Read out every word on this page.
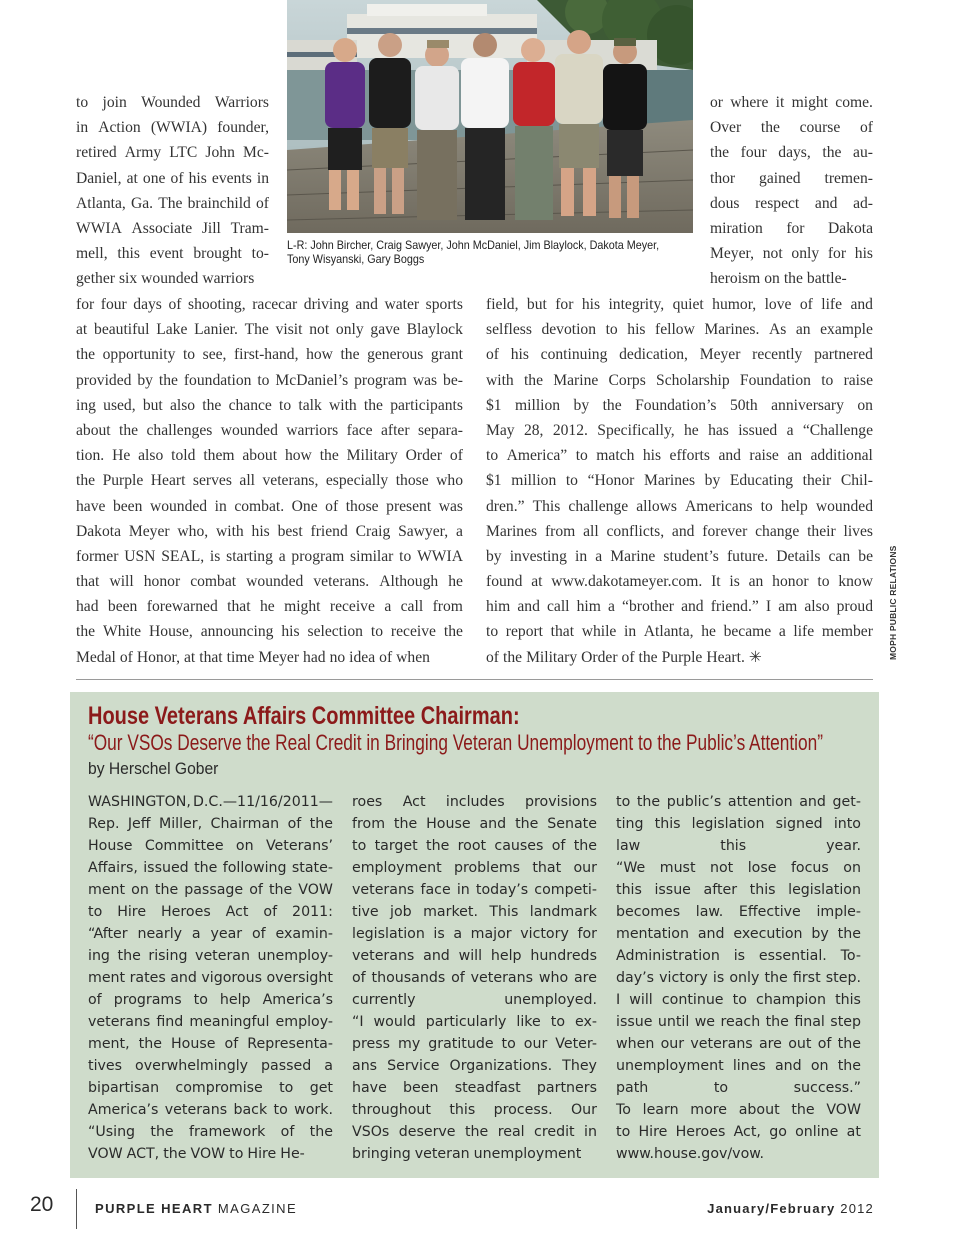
L-R: John Bircher, Craig Sawyer, John McDaniel, Jim Blaylock, Dakota Meyer, Tony Wisyanski, Gary Boggs
to join Wounded Warriors
in Action (WWIA) founder,
retired Army LTC John Mc-
Daniel, at one of his events in
Atlanta, Ga. The brainchild of
WWIA Associate Jill Tram-
mell, this event brought to-
gether six wounded warriors
or where it might come.
Over the course of
the four days, the au-
thor gained tremen-
dous respect and ad-
miration for Dakota
Meyer, not only for his
heroism on the battle-
for four days of shooting, racecar driving and water sports
at beautiful Lake Lanier. The visit not only gave Blaylock
the opportunity to see, first-hand, how the generous grant
provided by the foundation to McDaniel’s program was be-
ing used, but also the chance to talk with the participants
about the challenges wounded warriors face after separa-
tion. He also told them about how the Military Order of
the Purple Heart serves all veterans, especially those who
have been wounded in combat. One of those present was
Dakota Meyer who, with his best friend Craig Sawyer, a
former USN SEAL, is starting a program similar to WWIA
that will honor combat wounded veterans. Although he
had been forewarned that he might receive a call from
the White House, announcing his selection to receive the
Medal of Honor, at that time Meyer had no idea of when
field, but for his integrity, quiet humor, love of life and
selfless devotion to his fellow Marines. As an example
of his continuing dedication, Meyer recently partnered
with the Marine Corps Scholarship Foundation to raise
$1 million by the Foundation’s 50th anniversary on
May 28, 2012. Specifically, he has issued a “Challenge
to America” to match his efforts and raise an additional
$1 million to “Honor Marines by Educating their Chil-
dren.” This challenge allows Americans to help wounded
Marines from all conflicts, and forever change their lives
by investing in a Marine student’s future. Details can be
found at www.dakotameyer.com. It is an honor to know
him and call him a “brother and friend.” I am also proud
to report that while in Atlanta, he became a life member
of the Military Order of the Purple Heart. ✳	MOPH PUBLIC RELATIONS
House Veterans Affairs Committee Chairman:
“Our VSOs Deserve the Real Credit in Bringing Veteran Unemployment to the Public’s Attention”
by Herschel Gober
WASHINGTON, D.C.—11/16/2011—
Rep. Jeff Miller, Chairman of the
House Committee on Veterans’
Affairs, issued the following state-
ment on the passage of the VOW
to Hire Heroes Act of 2011:
“After nearly a year of examin-
ing the rising veteran unemploy-
ment rates and vigorous oversight
of programs to help America’s
veterans find meaningful employ-
ment, the House of Representa-
tives overwhelmingly passed a
bipartisan compromise to get
America’s veterans back to work.
“Using the framework of the
VOW ACT, the VOW to Hire He-
roes Act includes provisions
from the House and the Senate
to target the root causes of the
employment problems that our
veterans face in today’s competi-
tive job market. This landmark
legislation is a major victory for
veterans and will help hundreds
of thousands of veterans who are
currently	unemployed.
“I would particularly like to ex-
press my gratitude to our Veter-
ans Service Organizations. They
have been steadfast partners
throughout this process. Our
VSOs deserve the real credit in
bringing veteran unemployment
to the public’s attention and get-
ting this legislation signed into
law	this	year.
“We must not lose focus on
this issue after this legislation
becomes law. Effective imple-
mentation and execution by the
Administration is essential. To-
day’s victory is only the first step.
I will continue to champion this
issue until we reach the final step
when our veterans are out of the
unemployment lines and on the
path	to	success.”
To learn more about the VOW
to Hire Heroes Act, go online at
www.house.gov/vow.
20	PURPLE HEART MAGAZINE	January/February 2012
